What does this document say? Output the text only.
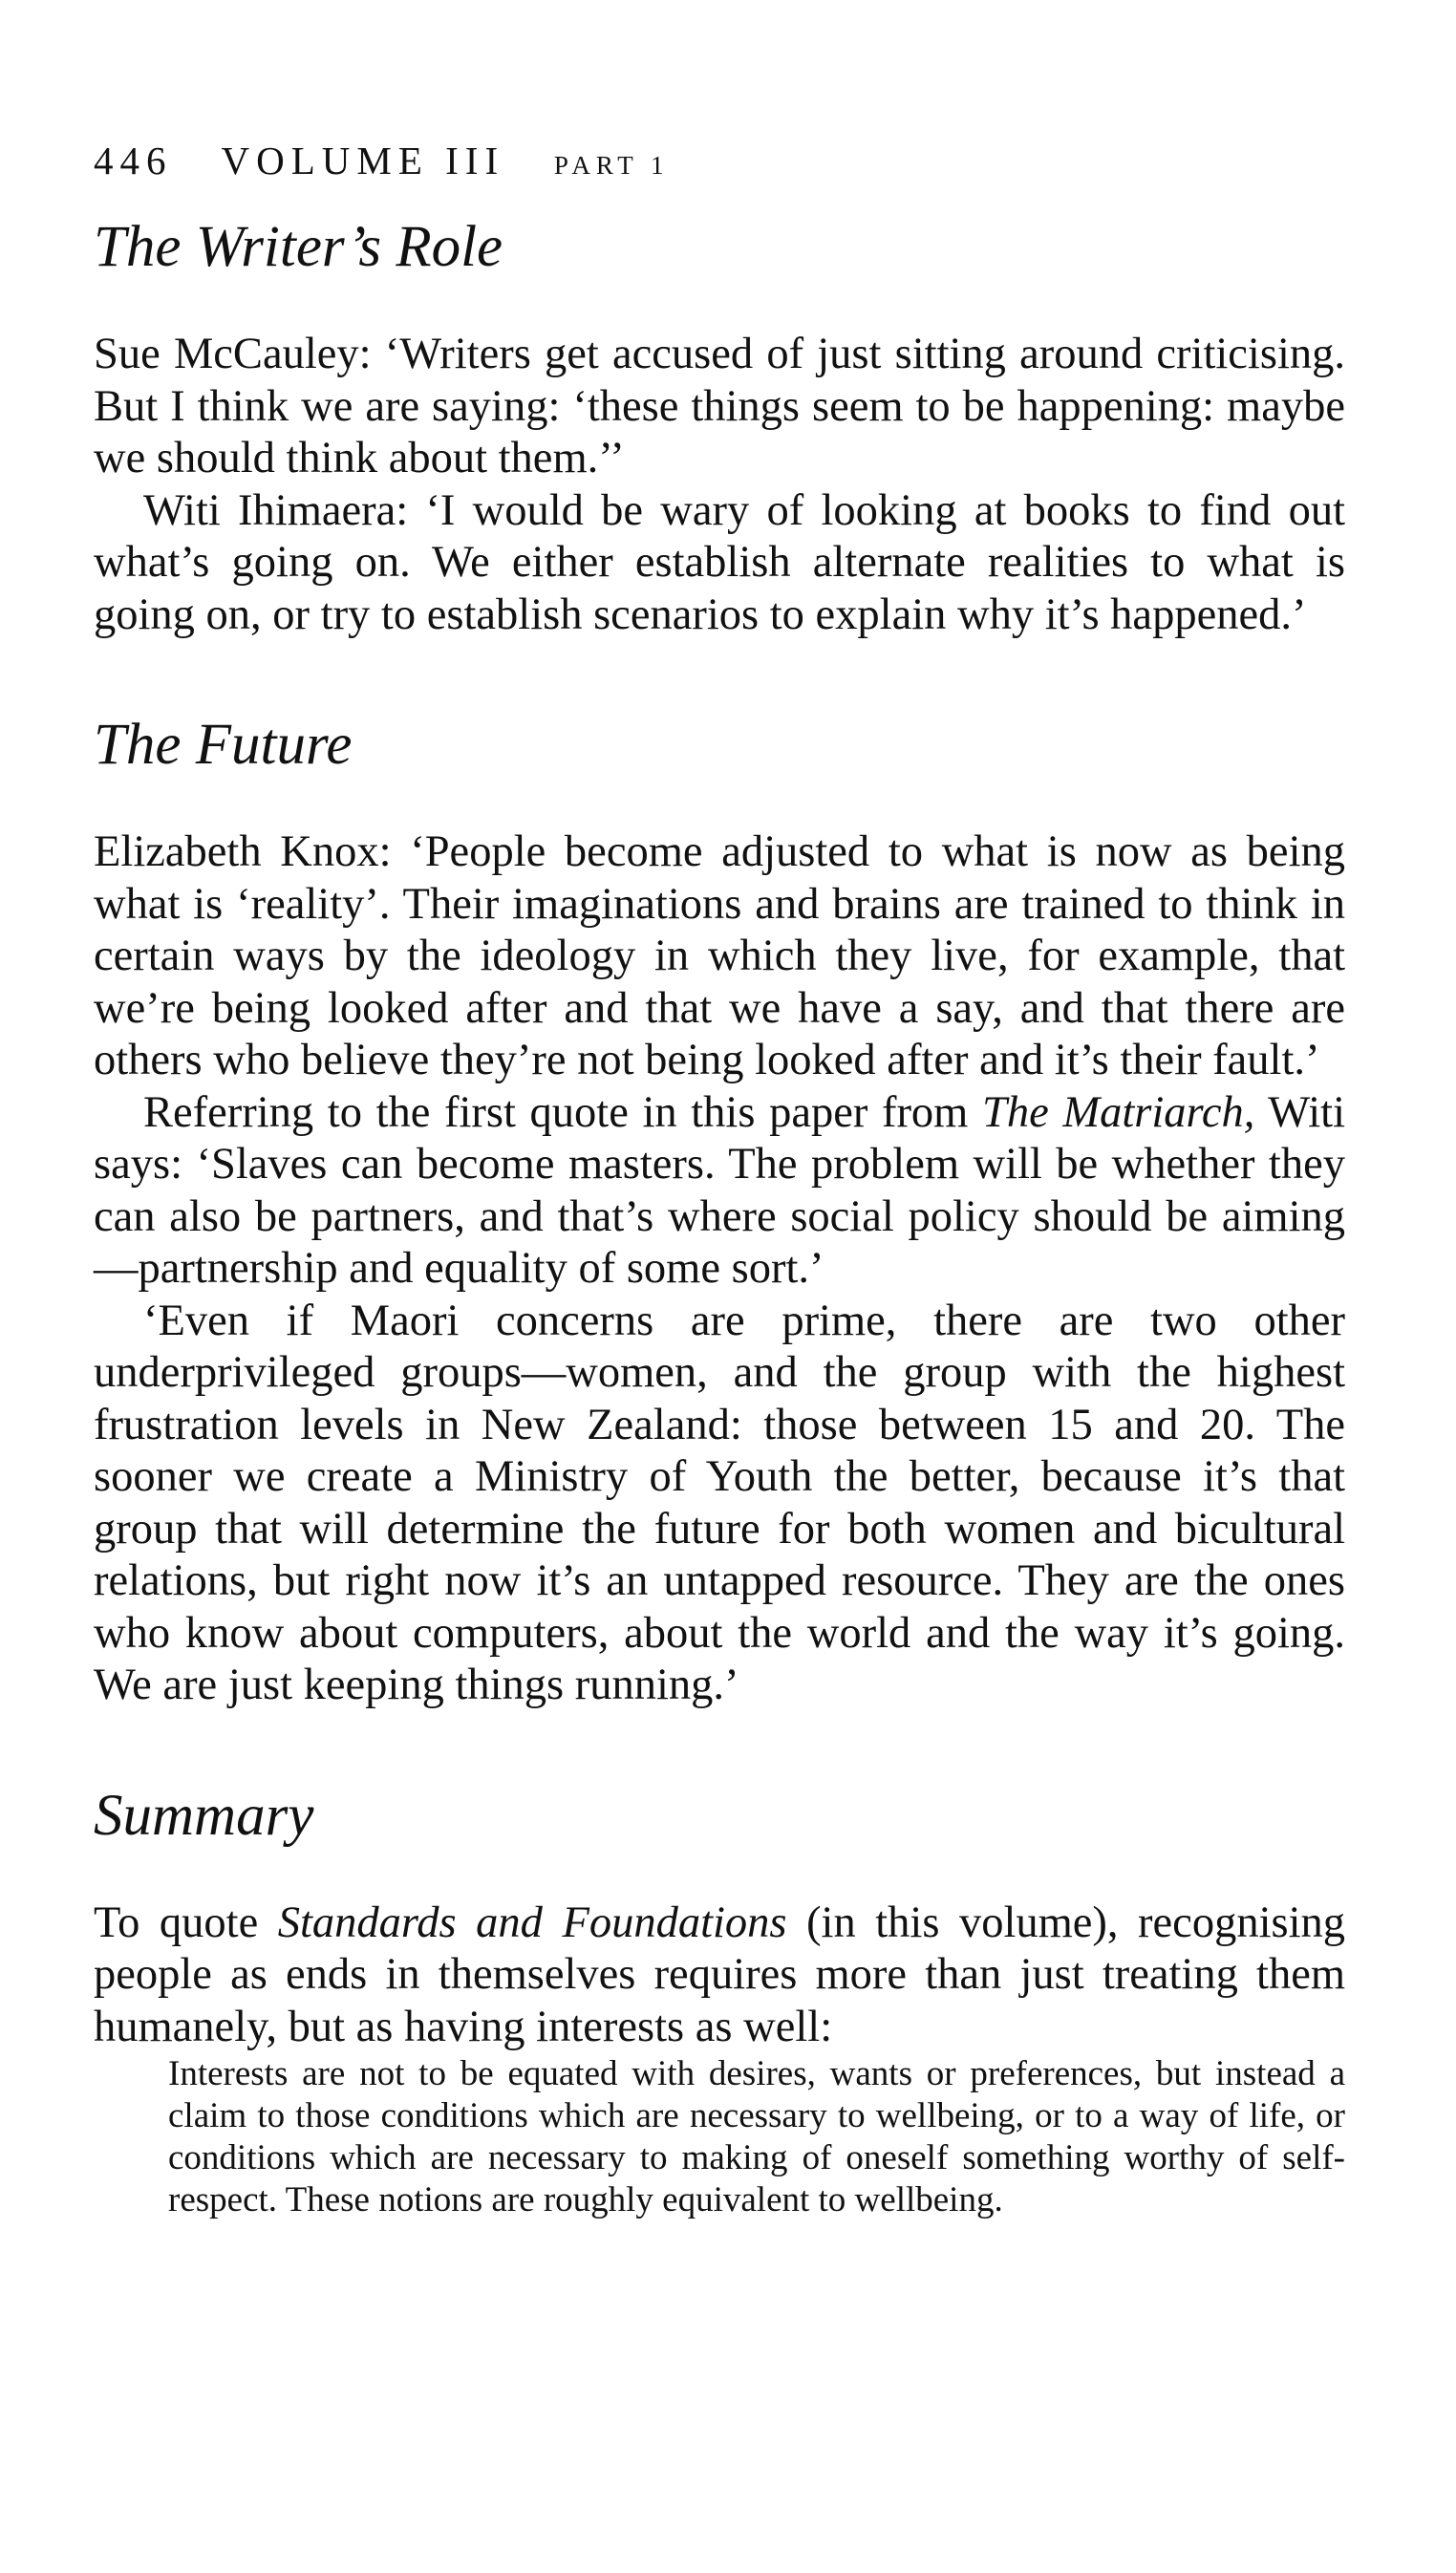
446 VOLUME III PART 1
The Writer’s Role

Sue McCauley: ‘Writers get accused of just sitting around criticising. But I think we are saying: ‘these things seem to be happening: maybe we should think about them.’’

Witi Ihimaera: ‘I would be wary of looking at books to find out what’s going on. We either establish alternate realities to what is going on, or try to establish scenarios to explain why it’s happened.’

The Future

Elizabeth Knox: ‘People become adjusted to what is now as being what is ‘reality’. Their imaginations and brains are trained to think in certain ways by the ideology in which they live, for example, that we’re being looked after and that we have a say, and that there are others who believe they’re not being looked after and it’s their fault.’

Referring to the first quote in this paper from The Matriarch, Witi says: ‘Slaves can become masters. The problem will be whether they can also be partners, and that’s where social policy should be aiming—partnership and equality of some sort.’

‘Even if Maori concerns are prime, there are two other underprivileged groups—women, and the group with the highest frustration levels in New Zealand: those between 15 and 20. The sooner we create a Ministry of Youth the better, because it’s that group that will determine the future for both women and bicultural relations, but right now it’s an untapped resource. They are the ones who know about computers, about the world and the way it’s going. We are just keeping things running.’

Summary

To quote Standards and Foundations (in this volume), recognising people as ends in themselves requires more than just treating them humanely, but as having interests as well:

Interests are not to be equated with desires, wants or preferences, but instead a claim to those conditions which are necessary to wellbeing, or to a way of life, or conditions which are necessary to making of oneself something worthy of self-respect. These notions are roughly equivalent to wellbeing.
